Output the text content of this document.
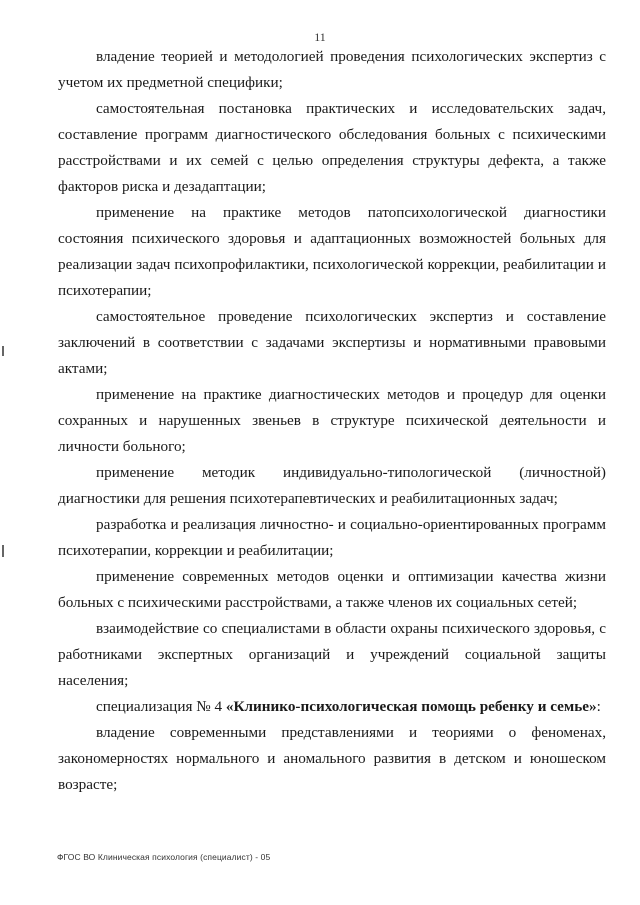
11

владение теорией и методологией проведения психологических экспертиз с учетом их предметной специфики;

самостоятельная постановка практических и исследовательских задач, составление программ диагностического обследования больных с психическими расстройствами и их семей с целью определения структуры дефекта, а также факторов риска и дезадаптации;

применение на практике методов патопсихологической диагностики состояния психического здоровья и адаптационных возможностей больных для реализации задач психопрофилактики, психологической коррекции, реабилитации и психотерапии;

самостоятельное проведение психологических экспертиз и составление заключений в соответствии с задачами экспертизы и нормативными правовыми актами;

применение на практике диагностических методов и процедур для оценки сохранных и нарушенных звеньев в структуре психической деятельности и личности больного;

применение методик индивидуально-типологической (личностной) диагностики для решения психотерапевтических и реабилитационных задач;

разработка и реализация личностно- и социально-ориентированных программ психотерапии, коррекции и реабилитации;

применение современных методов оценки и оптимизации качества жизни больных с психическими расстройствами, а также членов их социальных сетей;

взаимодействие со специалистами в области охраны психического здоровья, с работниками экспертных организаций и учреждений социальной защиты населения;

специализация № 4 «Клинико-психологическая помощь ребенку и семье»:

владение современными представлениями и теориями о феноменах, закономерностях нормального и аномального развития в детском и юношеском возрасте;

ФГОС ВО Клиническая психология (специалист) - 05
